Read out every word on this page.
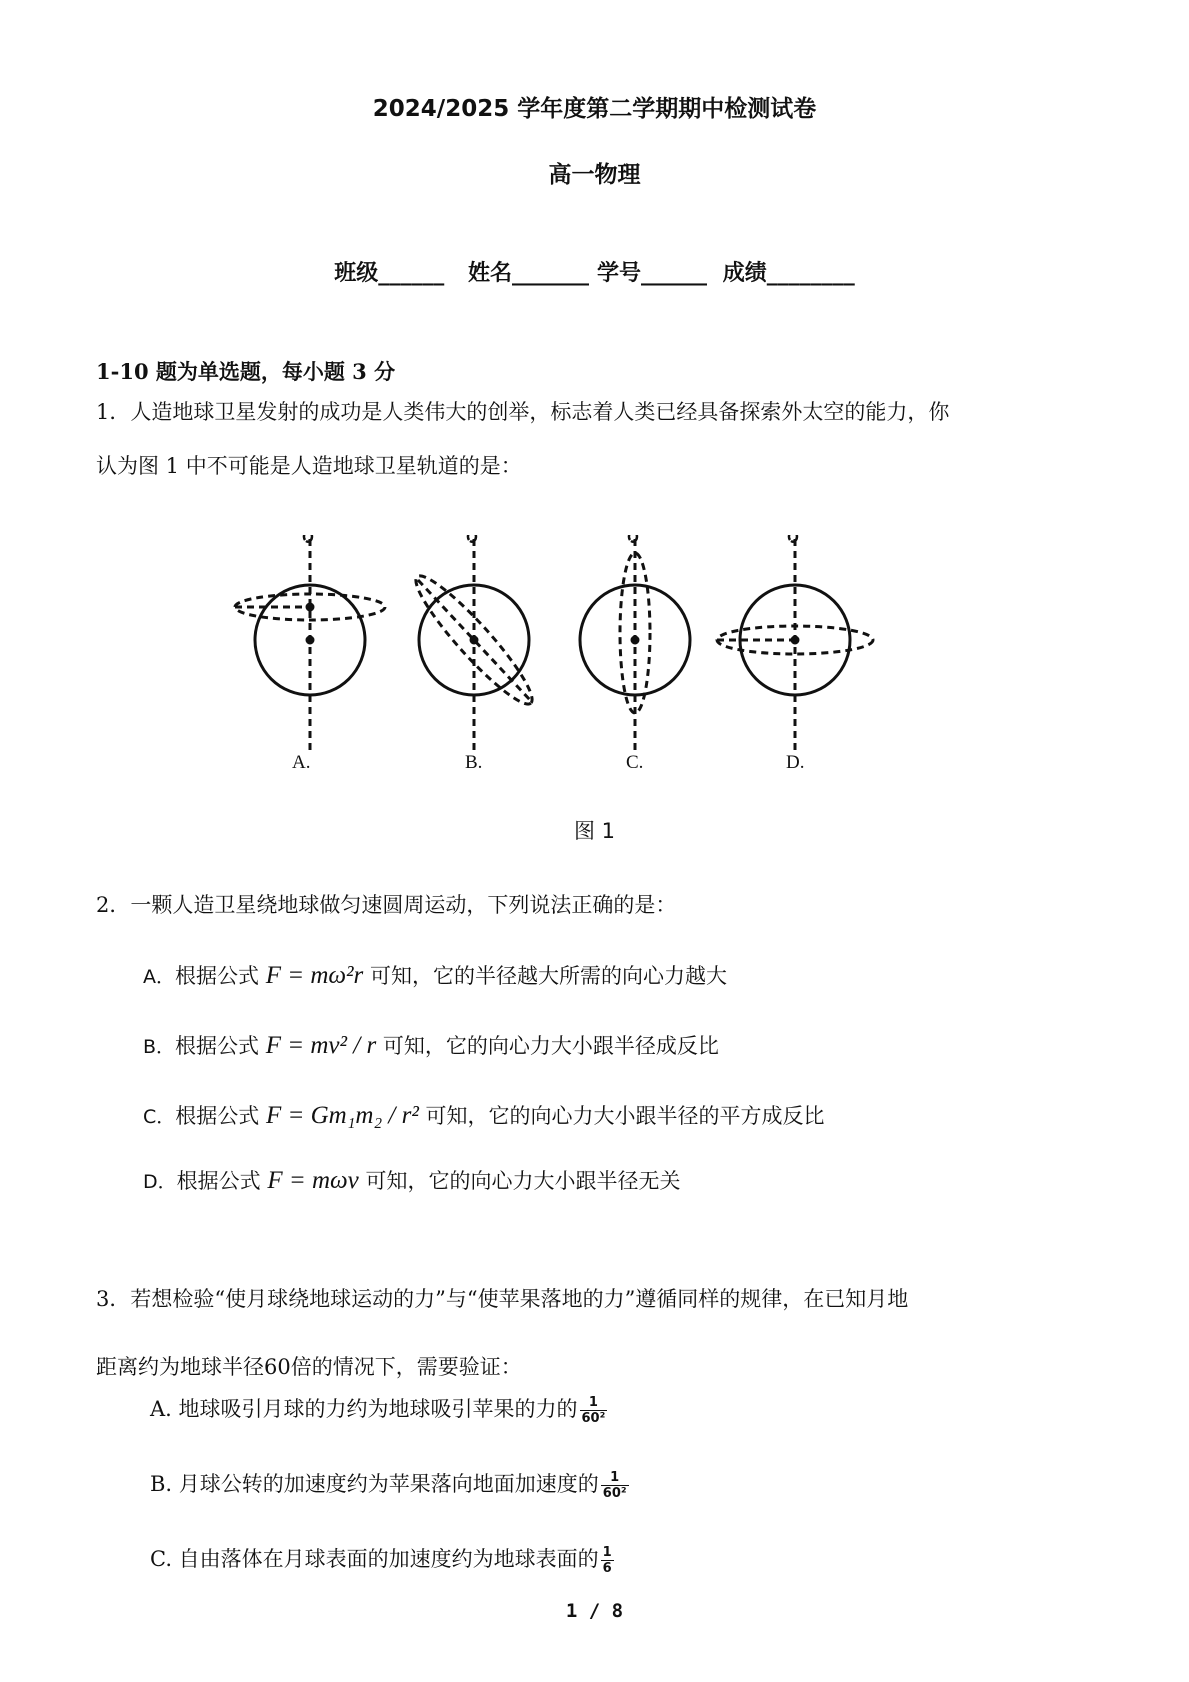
2024/2025 学年度第二学期期中检测试卷
高一物理
班级______ 姓名_______ 学号______ 成绩________
1-10 题为单选题，每小题 3 分
1．人造地球卫星发射的成功是人类伟大的创举，标志着人类已经具备探索外太空的能力，你
认为图 1 中不可能是人造地球卫星轨道的是：
A.	B.	C.	D.
图 1
2．一颗人造卫星绕地球做匀速圆周运动，下列说法正确的是：
A．根据公式 F = mω²r 可知，它的半径越大所需的向心力越大
B．根据公式 F = mv² / r 可知，它的向心力大小跟半径成反比
C．根据公式 F = Gm₁m₂ / r² 可知，它的向心力大小跟半径的平方成反比
D．根据公式 F = mωv 可知，它的向心力大小跟半径无关
3．若想检验“使月球绕地球运动的力”与“使苹果落地的力”遵循同样的规律，在已知月地
距离约为地球半径60倍的情况下，需要验证：
A. 地球吸引月球的力约为地球吸引苹果的力的 $\frac{1}{\text{60²}}$
B. 月球公转的加速度约为苹果落向地面加速度的 $\frac{1}{\text{60²}}$
C. 自由落体在月球表面的加速度约为地球表面的 $\frac{1}{6}$
1 / 8
